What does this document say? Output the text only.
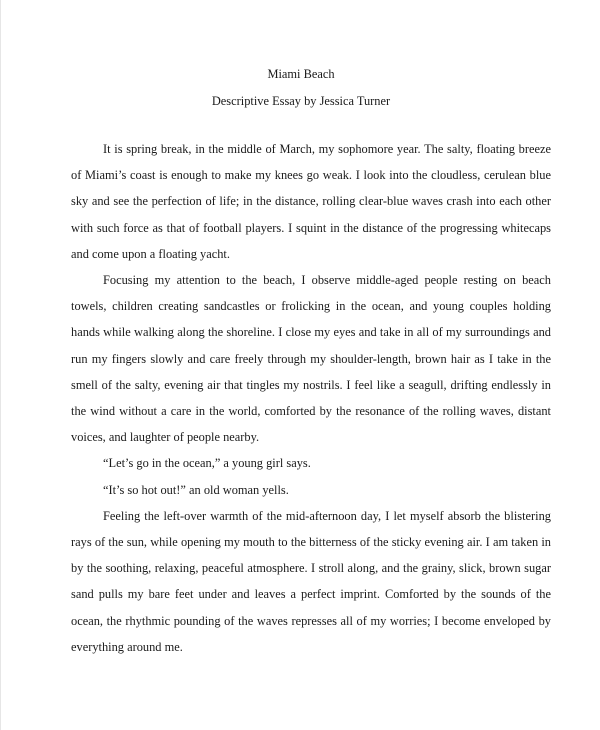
Miami Beach

Descriptive Essay by Jessica Turner

It is spring break, in the middle of March, my sophomore year. The salty, floating breeze of Miami’s coast is enough to make my knees go weak. I look into the cloudless, cerulean blue sky and see the perfection of life; in the distance, rolling clear-blue waves crash into each other with such force as that of football players. I squint in the distance of the progressing whitecaps and come upon a floating yacht.

Focusing my attention to the beach, I observe middle-aged people resting on beach towels, children creating sandcastles or frolicking in the ocean, and young couples holding hands while walking along the shoreline. I close my eyes and take in all of my surroundings and run my fingers slowly and care freely through my shoulder-length, brown hair as I take in the smell of the salty, evening air that tingles my nostrils. I feel like a seagull, drifting endlessly in the wind without a care in the world, comforted by the resonance of the rolling waves, distant voices, and laughter of people nearby.

“Let’s go in the ocean,” a young girl says.

“It’s so hot out!” an old woman yells.

Feeling the left-over warmth of the mid-afternoon day, I let myself absorb the blistering rays of the sun, while opening my mouth to the bitterness of the sticky evening air. I am taken in by the soothing, relaxing, peaceful atmosphere. I stroll along, and the grainy, slick, brown sugar sand pulls my bare feet under and leaves a perfect imprint. Comforted by the sounds of the ocean, the rhythmic pounding of the waves represses all of my worries; I become enveloped by everything around me.
